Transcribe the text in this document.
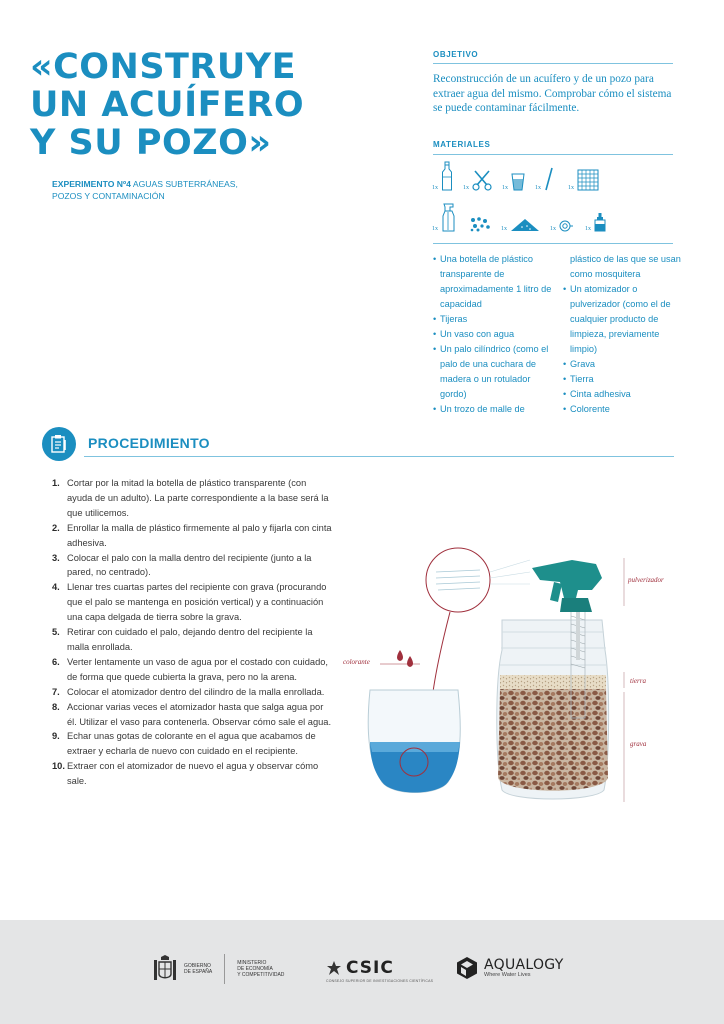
«CONSTRUYE
UN ACUÍFERO
Y SU POZO»
EXPERIMENTO Nº4 AGUAS SUBTERRÁNEAS,
POZOS Y CONTAMINACIÓN
OBJETIVO
Reconstrucción de un acuífero y de un pozo para extraer agua del mismo. Comprobar cómo el sistema se puede contaminar fácilmente.
MATERIALES
1x	1x	1x	1x	1x
1x	1x	1x	1x
• Una botella de plástico transparente de aproximadamente 1 litro de capacidad
• Tijeras
• Un vaso con agua
• Un palo cilíndrico (como el palo de una cuchara de madera o un rotulador gordo)
• Un trozo de malle de
plástico de las que se usan como mosquitera
• Un atomizador o pulverizador (como el de cualquier producto de limpieza, previamente limpio)
• Grava
• Tierra
• Cinta adhesiva
• Colorente
PROCEDIMIENTO
1. Cortar por la mitad la botella de plástico transparente (con ayuda de un adulto). La parte correspondiente a la base será la que utilicemos.
2. Enrollar la malla de plástico firmemente al palo y fijarla con cinta adhesiva.
3. Colocar el palo con la malla dentro del recipiente (junto a la pared, no centrado).
4. Llenar tres cuartas partes del recipiente con grava (procurando que el palo se mantenga en posición vertical) y a continuación una capa delgada de tierra sobre la grava.
5. Retirar con cuidado el palo, dejando dentro del recipiente la malla enrollada.
6. Verter lentamente un vaso de agua por el costado con cuidado, de forma que quede cubierta la grava, pero no la arena.
7. Colocar el atomizador dentro del cilindro de la malla enrollada.
8. Accionar varias veces el atomizador hasta que salga agua por él. Utilizar el vaso para contenerla. Observar cómo sale el agua.
9. Echar unas gotas de colorante en el agua que acabamos de extraer y echarla de nuevo con cuidado en el recipiente.
10. Extraer con el atomizador de nuevo el agua y observar cómo sale.
pulverizador
colorante
tierra
grava
GOBIERNO
DE ESPAÑA
MINISTERIO
DE ECONOMÍA
Y COMPETITIVIDAD	CSIC
CONSEJO SUPERIOR DE INVESTIGACIONES CIENTÍFICAS
AQUALOGY
Where Water Lives
